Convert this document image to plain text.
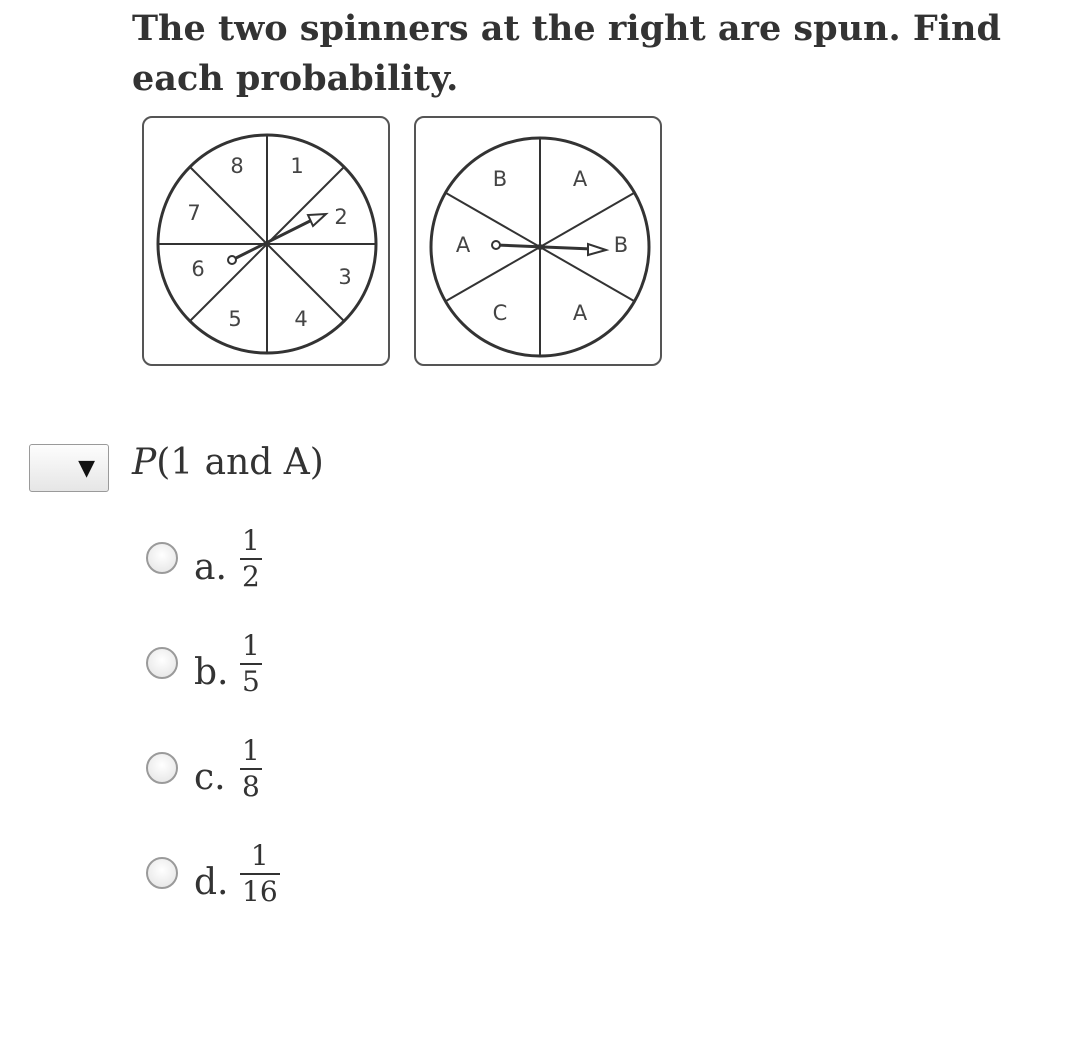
The two spinners at the right are spun. Find each probability.

8 1
2
3
4
5
6
7
B	A
B
A
C
A
▼ P(1 and A)
a.
1
2
b.
1
5
c.
1
8
d.
1
16
